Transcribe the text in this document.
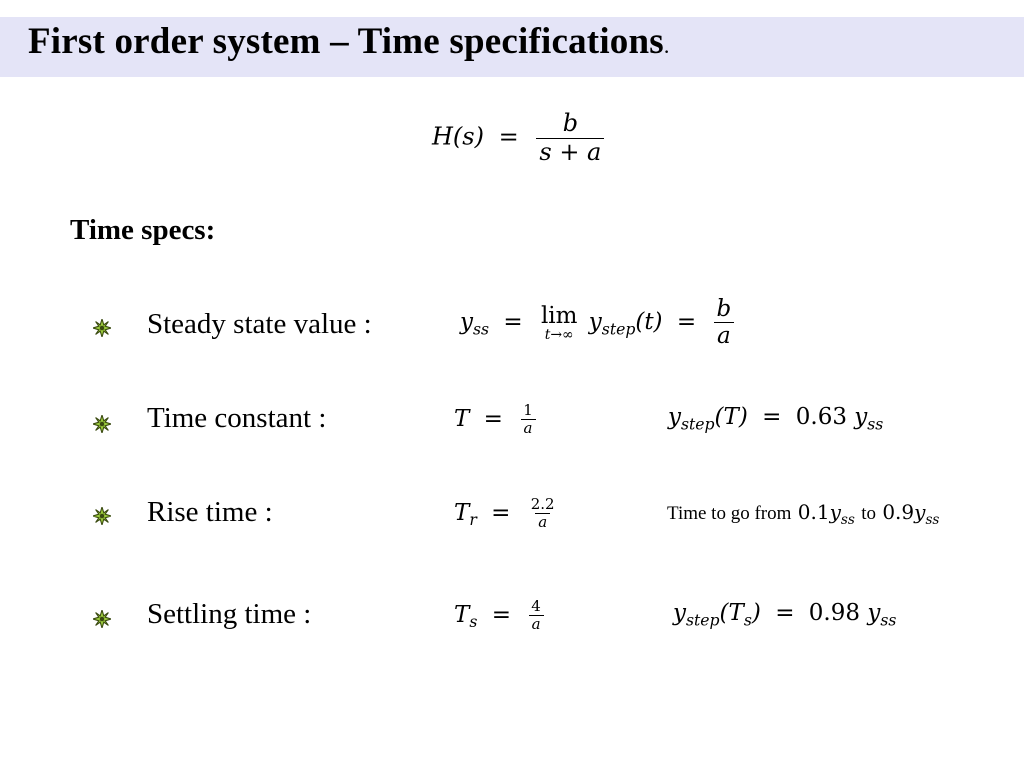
First order system – Time specifications.
$H(s) = \frac{b}{s + a}$
Time specs:
Steady state value :	$y_{ss} = \lim$
t→∞
$y_{step}(t) = \frac{b}{a}$
Time constant :	$T = \frac{1}{a}$	$y_{step}(T) = 0.63$ $y_{ss}$
Rise time :	$T_r = \frac{2.2}{a}$	Time to go from $0.1y_{ss}$ to $0.9y_{ss}$
Settling time :	$T_s = \frac{4}{a}$	$y_{step}(T_s) = 0.98$ $y_{ss}$
